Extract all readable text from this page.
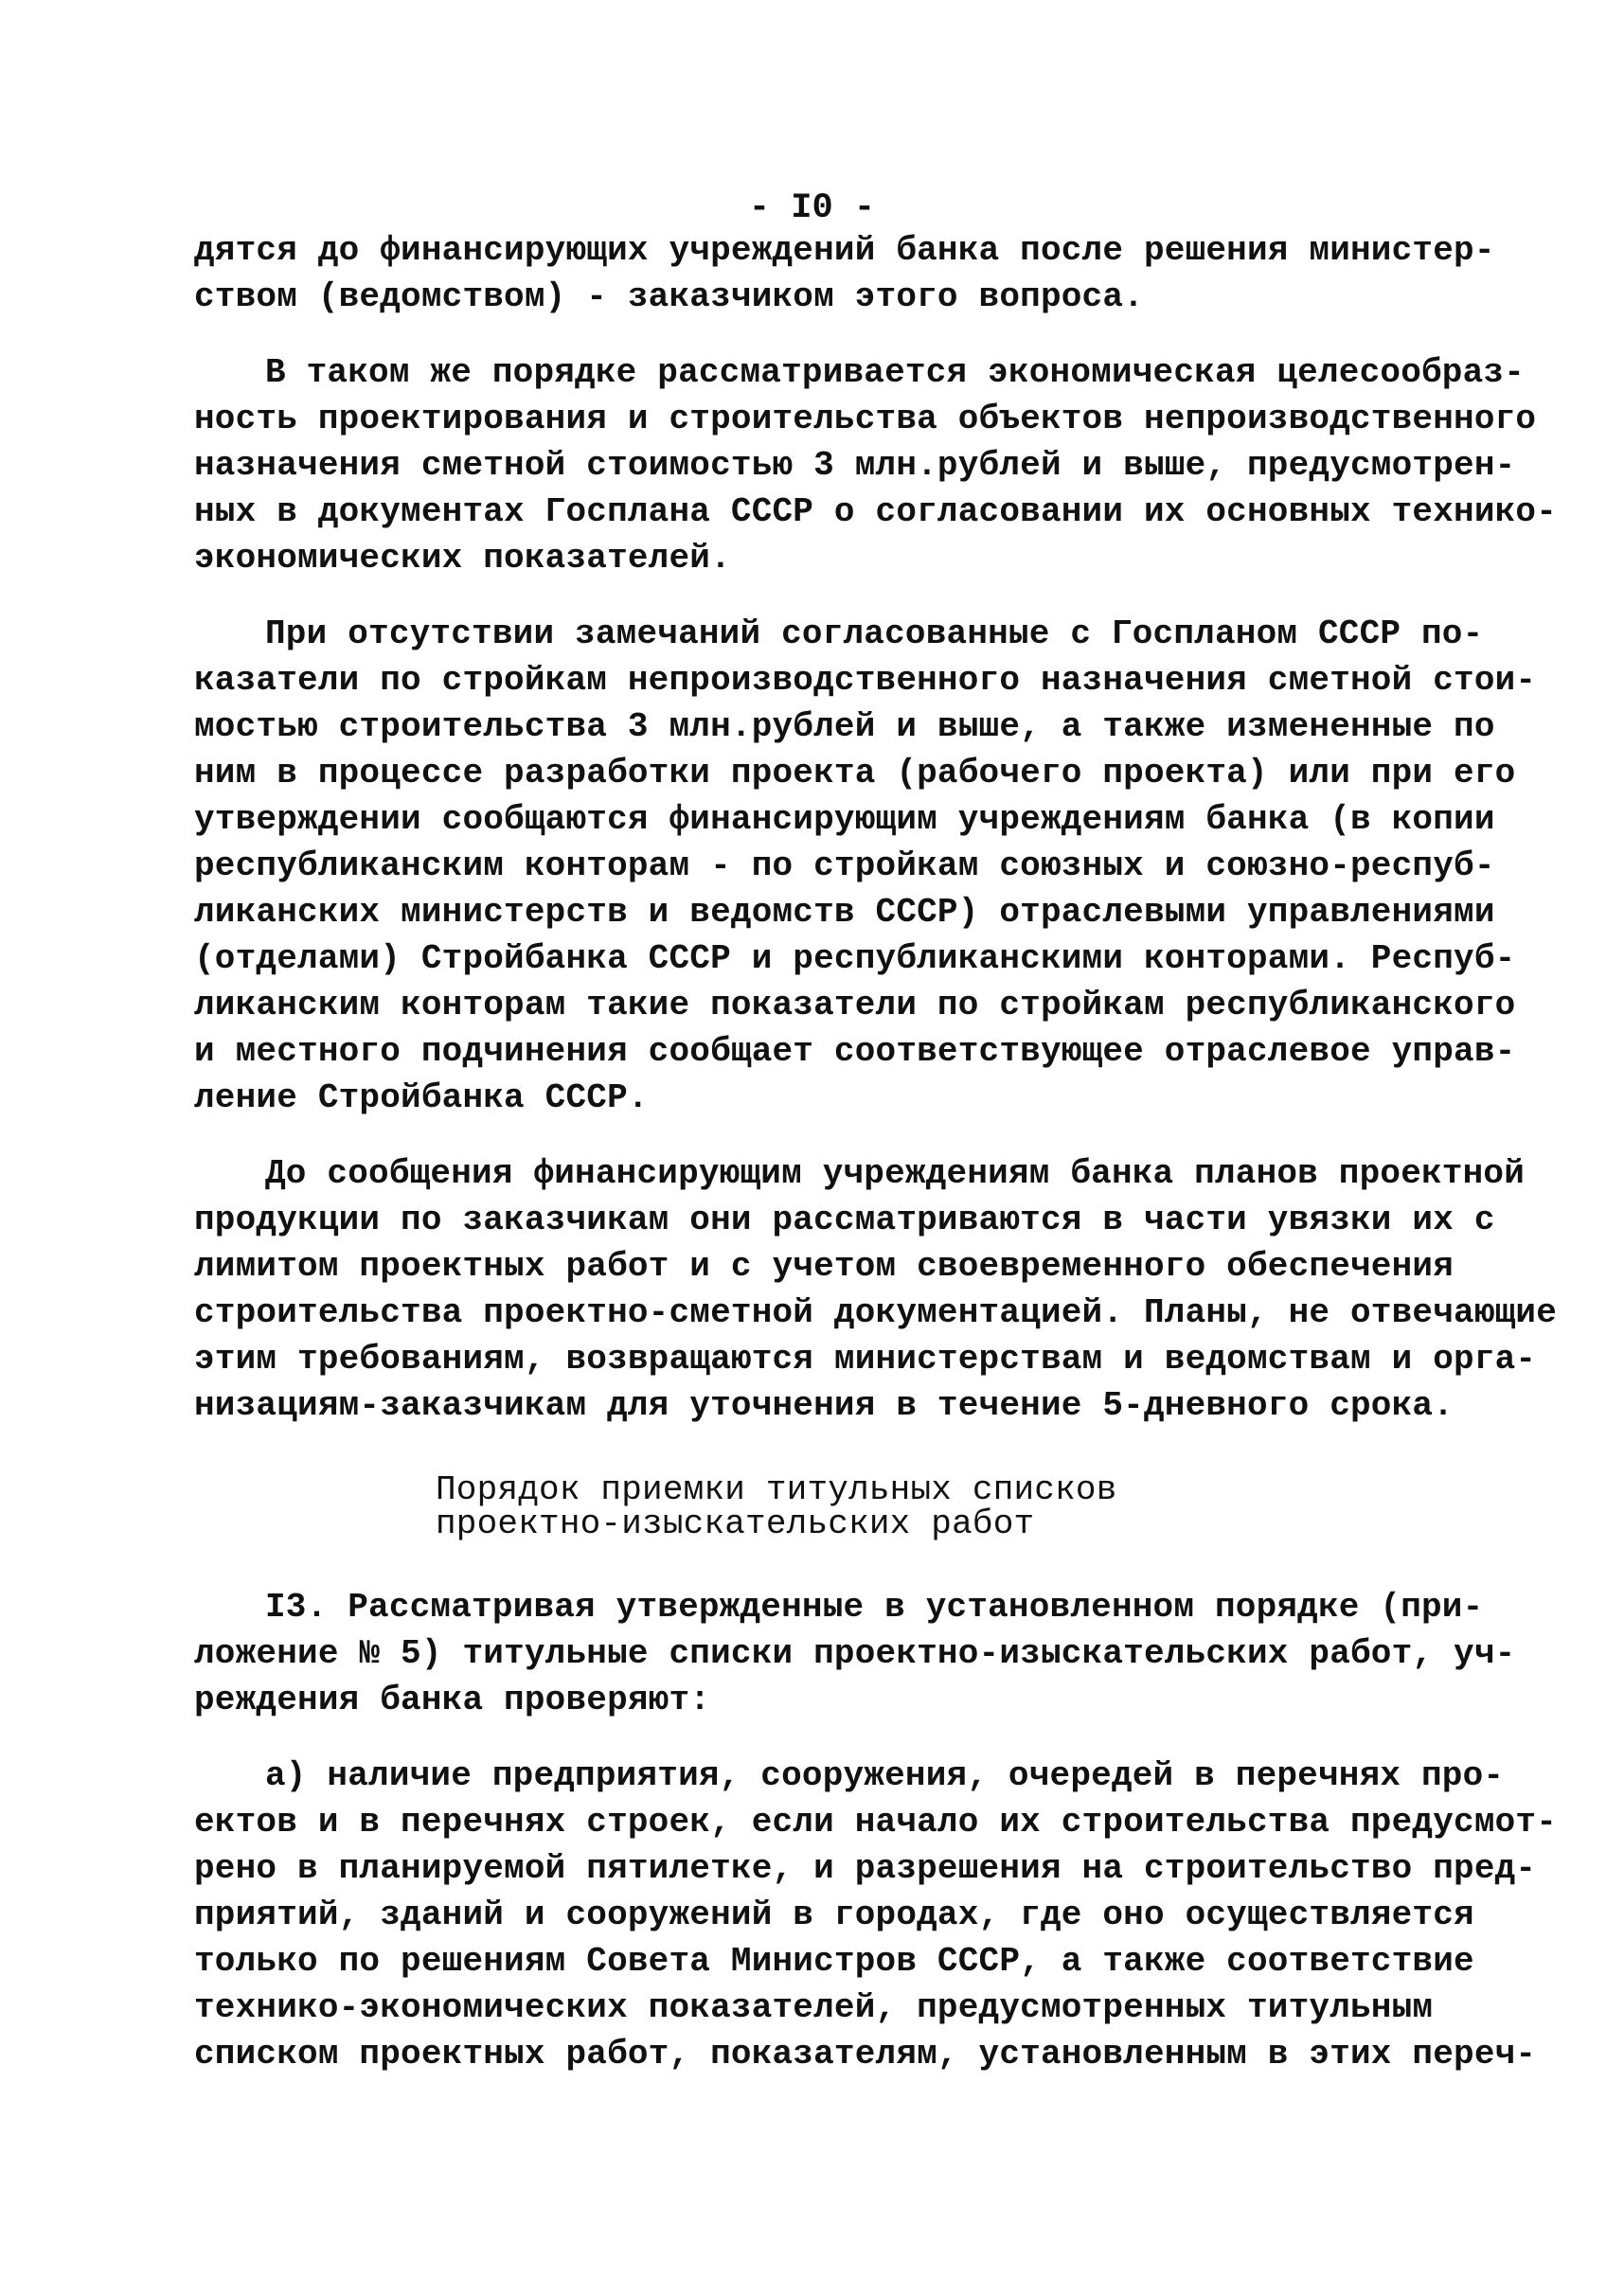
- I0 -

дятся до финансирующих учреждений банка после решения министер-
ством (ведомством) - заказчиком этого вопроса.
В таком же порядке рассматривается экономическая целесообраз-
ность проектирования и строительства объектов непроизводственного
назначения сметной стоимостью 3 млн.рублей и выше, предусмотрен-
ных в документах Госплана СССР о согласовании их основных технико-
экономических показателей.
При отсутствии замечаний согласованные с Госпланом СССР по-
казатели по стройкам непроизводственного назначения сметной стои-
мостью строительства 3 млн.рублей и выше, а также измененные по
ним в процессе разработки проекта (рабочего проекта) или при его
утверждении сообщаются финансирующим учреждениям банка (в копии
республиканским конторам - по стройкам союзных и союзно-респуб-
ликанских министерств и ведомств СССР) отраслевыми управлениями
(отделами) Стройбанка СССР и республиканскими конторами. Респуб-
ликанским конторам такие показатели по стройкам республиканского
и местного подчинения сообщает соответствующее отраслевое управ-
ление Стройбанка СССР.
До сообщения финансирующим учреждениям банка планов проектной
продукции по заказчикам они рассматриваются в части увязки их с
лимитом проектных работ и с учетом своевременного обеспечения
строительства проектно-сметной документацией. Планы, не отвечающие
этим требованиям, возвращаются министерствам и ведомствам и орга-
низациям-заказчикам для уточнения в течение 5-дневного срока.
Порядок приемки титульных списков
проектно-изыскательских работ
I3. Рассматривая утвержденные в установленном порядке (при-
ложение № 5) титульные списки проектно-изыскательских работ, уч-
реждения банка проверяют:
а) наличие предприятия, сооружения, очередей в перечнях про-
ектов и в перечнях строек, если начало их строительства предусмот-
рено в планируемой пятилетке, и разрешения на строительство пред-
приятий, зданий и сооружений в городах, где оно осуществляется
только по решениям Совета Министров СССР, а также соответствие
технико-экономических показателей, предусмотренных титульным
списком проектных работ, показателям, установленным в этих переч-
